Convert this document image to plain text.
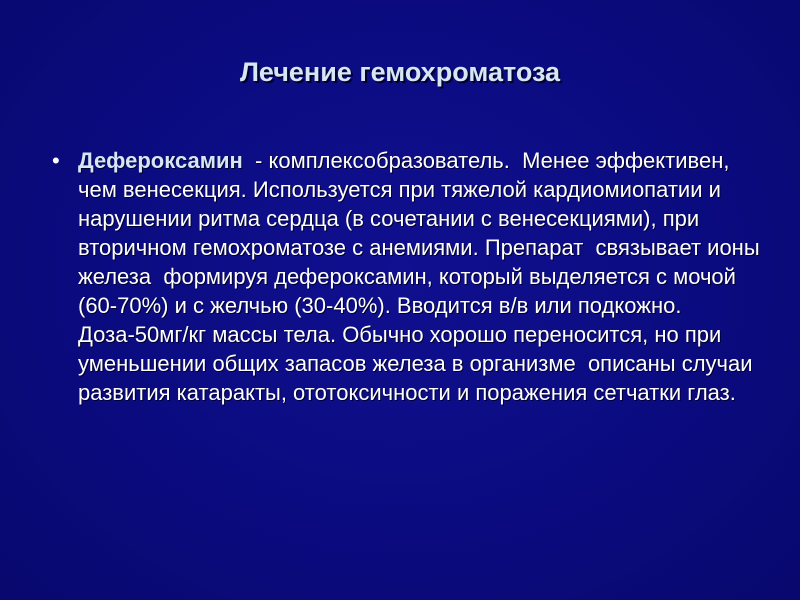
Лечение гемохроматоза
• Дефероксамин  - комплексобразователь.  Менее эффективен, чем венесекция. Используется при тяжелой кардиомиопатии и нарушении ритма сердца (в сочетании с венесекциями), при вторичном гемохроматозе с анемиями. Препарат  связывает ионы железа  формируя дефероксамин, который выделяется с мочой (60-70%) и с желчью (30-40%). Вводится в/в или подкожно. Доза-50мг/кг массы тела. Обычно хорошо переносится, но при уменьшении общих запасов железа в организме  описаны случаи развития катаракты, ототоксичности и поражения сетчатки глаз.
